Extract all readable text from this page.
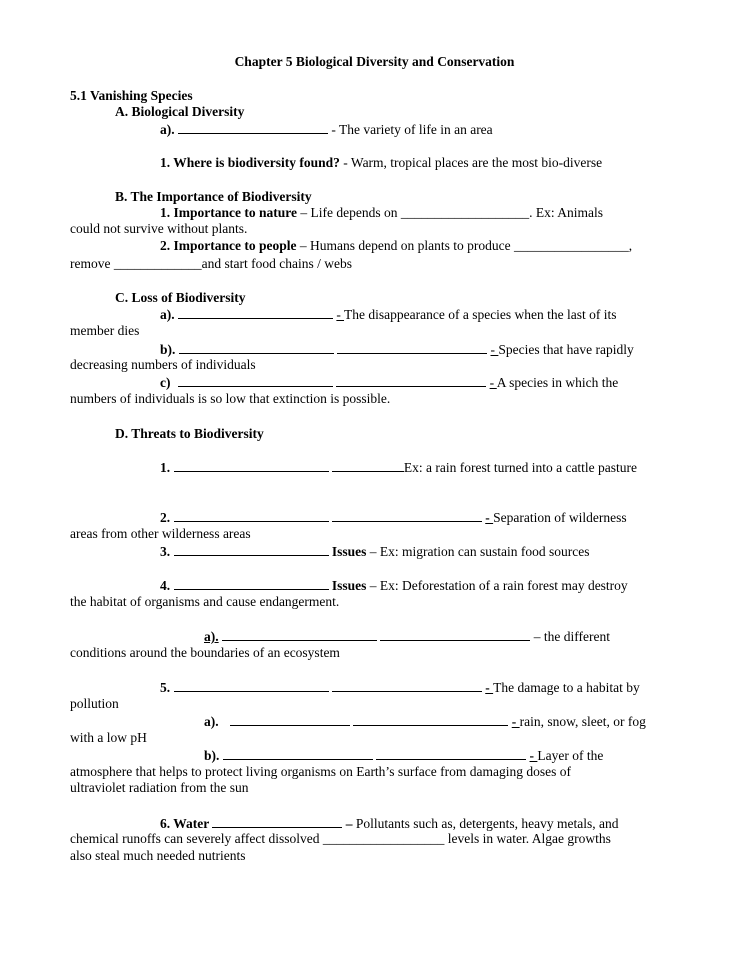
Chapter 5 Biological Diversity and Conservation
5.1 Vanishing Species
A. Biological Diversity
a).	- The variety of life in an area
1. Where is biodiversity found? - Warm, tropical places are the most bio-diverse
B. The Importance of Biodiversity
1. Importance to nature – Life depends on ___________________. Ex: Animals
could not survive without plants.
2. Importance to people – Humans depend on plants to produce _________________,
remove _____________and start food chains / webs
C. Loss of Biodiversity
a).	- The disappearance of a species when the last of its
member dies
b).	- Species that have rapidly
decreasing numbers of individuals
c)	- A species in which the
numbers of individuals is so low that extinction is possible.
D. Threats to Biodiversity
1.	Ex: a rain forest turned into a cattle pasture
2.	- Separation of wilderness
areas from other wilderness areas
3.	Issues – Ex: migration can sustain food sources
4.	Issues – Ex: Deforestation of a rain forest may destroy
the habitat of organisms and cause endangerment.
a).	– the different
conditions around the boundaries of an ecosystem
5.	- The damage to a habitat by
pollution
a).	- rain, snow, sleet, or fog
with a low pH
b).	- Layer of the
atmosphere that helps to protect living organisms on Earth’s surface from damaging doses of
ultraviolet radiation from the sun
6. Water	– Pollutants such as, detergents, heavy metals, and
chemical runoffs can severely affect dissolved __________________ levels in water. Algae growths
also steal much needed nutrients
